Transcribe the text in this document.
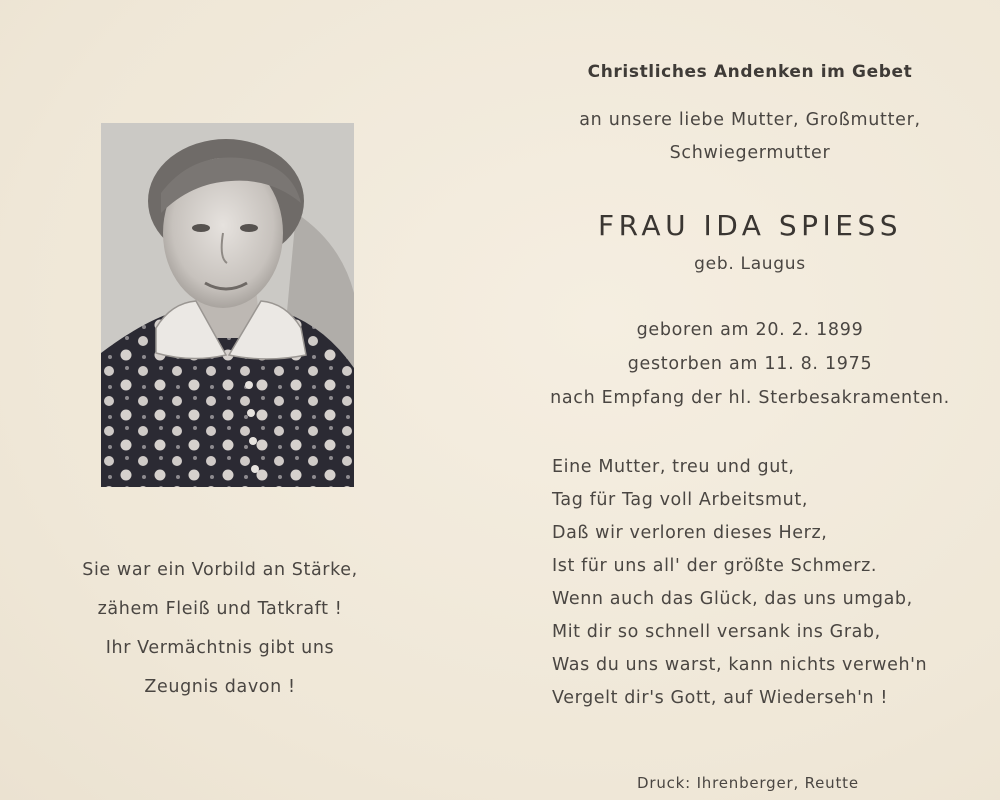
Sie war ein Vorbild an Stärke,
zähem Fleiß und Tatkraft !
Ihr Vermächtnis gibt uns
Zeugnis davon !
Christliches Andenken im Gebet
an unsere liebe Mutter, Großmutter,
Schwiegermutter
FRAU IDA SPIESS
geb. Laugus
geboren am 20. 2. 1899
gestorben am 11. 8. 1975
nach Empfang der hl. Sterbesakramenten.
Eine Mutter, treu und gut,
Tag für Tag voll Arbeitsmut,
Daß wir verloren dieses Herz,
Ist für uns all' der größte Schmerz.
Wenn auch das Glück, das uns umgab,
Mit dir so schnell versank ins Grab,
Was du uns warst, kann nichts verweh'n
Vergelt dir's Gott, auf Wiederseh'n !
Druck: Ihrenberger, Reutte
